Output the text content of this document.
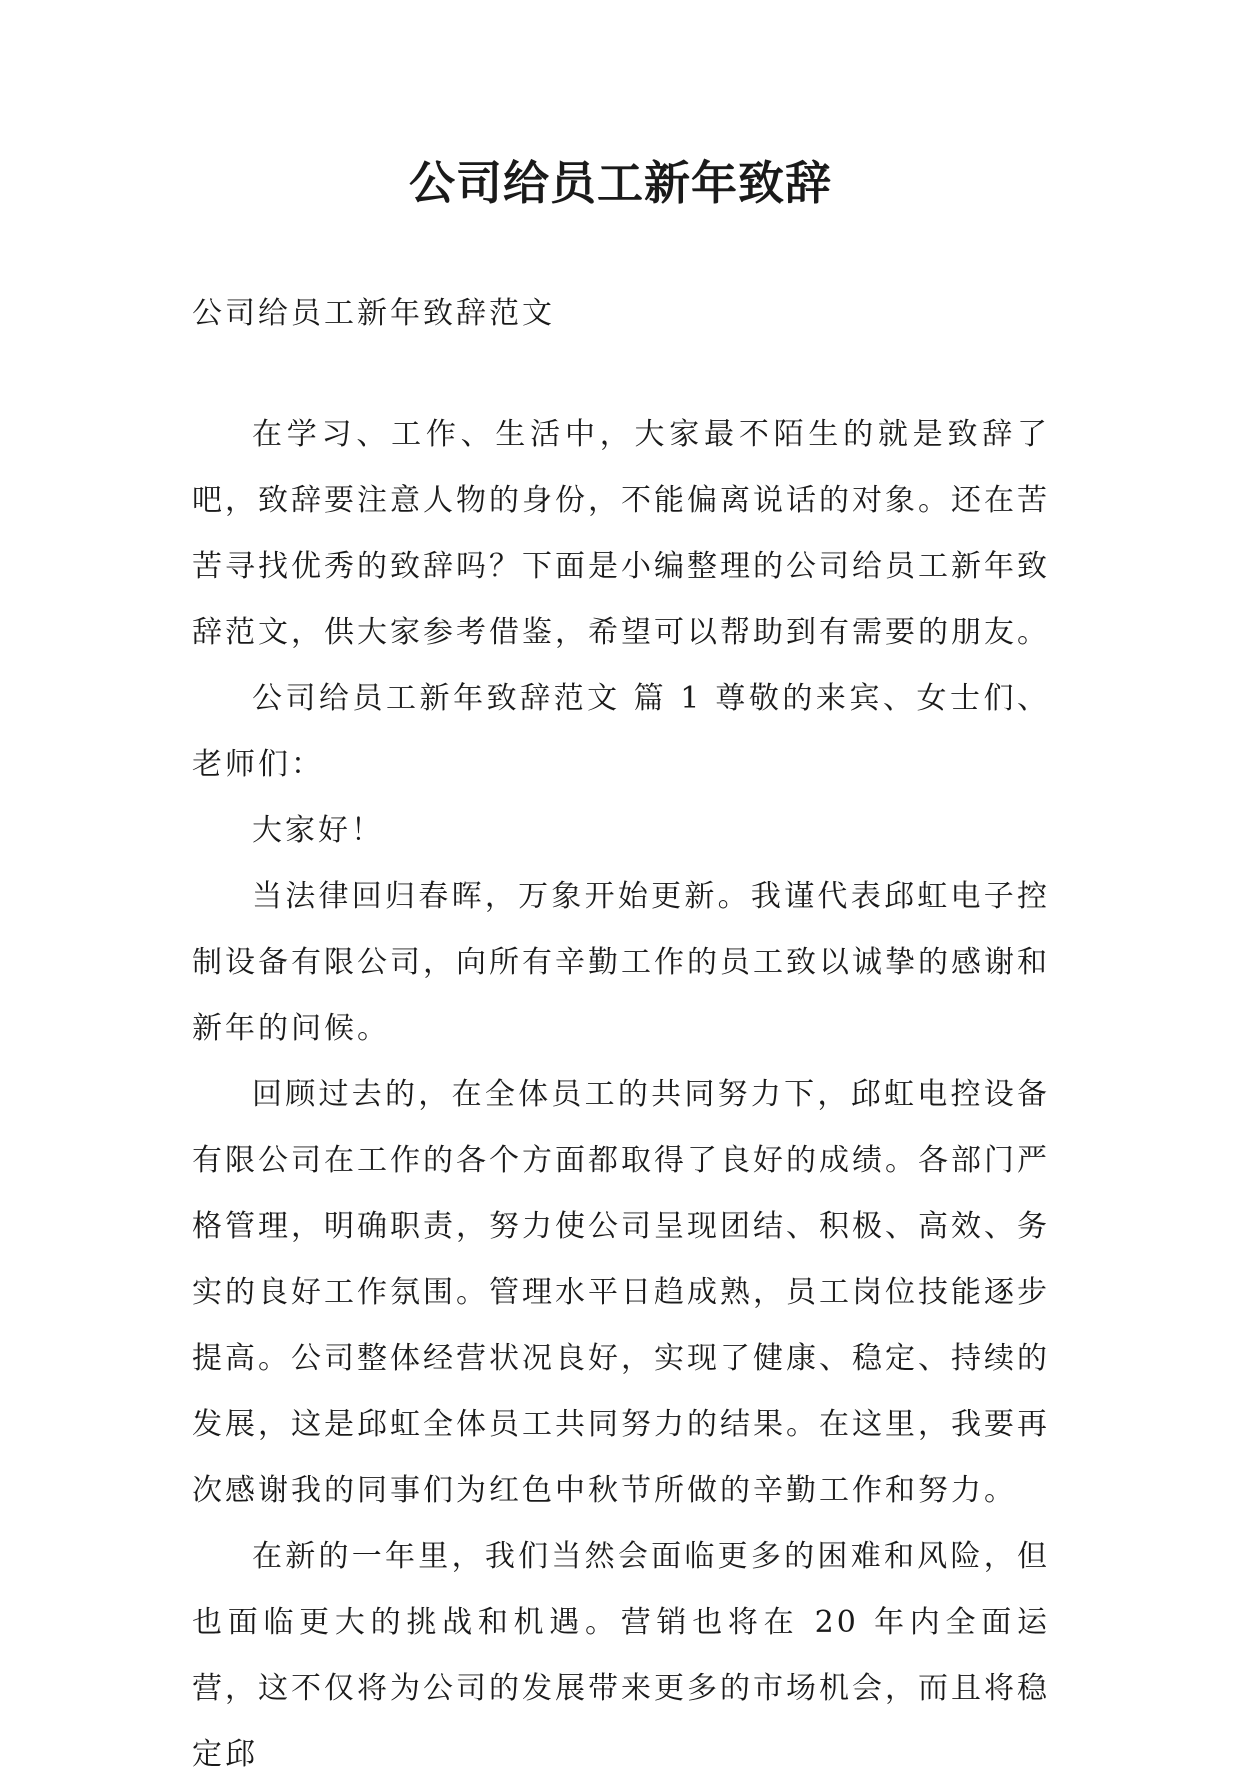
公司给员工新年致辞

公司给员工新年致辞范文

在学习、工作、生活中，大家最不陌生的就是致辞了吧，致辞要注意人物的身份，不能偏离说话的对象。还在苦苦寻找优秀的致辞吗？下面是小编整理的公司给员工新年致辞范文，供大家参考借鉴，希望可以帮助到有需要的朋友。

公司给员工新年致辞范文 篇 1 尊敬的来宾、女士们、老师们：

大家好！

当法律回归春晖，万象开始更新。我谨代表邱虹电子控制设备有限公司，向所有辛勤工作的员工致以诚挚的感谢和新年的问候。

回顾过去的，在全体员工的共同努力下，邱虹电控设备有限公司在工作的各个方面都取得了良好的成绩。各部门严格管理，明确职责，努力使公司呈现团结、积极、高效、务实的良好工作氛围。管理水平日趋成熟，员工岗位技能逐步提高。公司整体经营状况良好，实现了健康、稳定、持续的发展，这是邱虹全体员工共同努力的结果。在这里，我要再次感谢我的同事们为红色中秋节所做的辛勤工作和努力。

在新的一年里，我们当然会面临更多的困难和风险，但也面临更大的挑战和机遇。营销也将在 20 年内全面运营，这不仅将为公司的发展带来更多的市场机会，而且将稳定邱
